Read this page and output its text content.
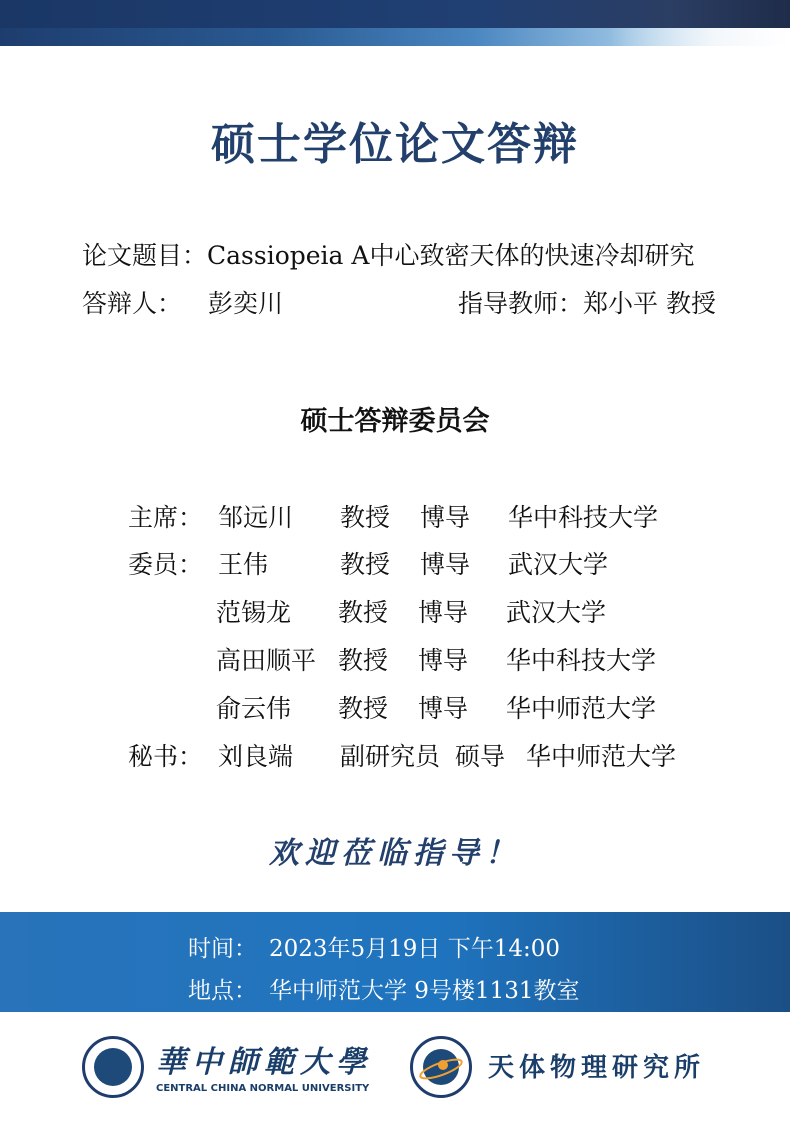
硕士学位论文答辩
论文题目：Cassiopeia A中心致密天体的快速冷却研究
答辩人： 彭奕川	指导教师：郑小平 教授
硕士答辩委员会
主席： 邹远川 教授 博导 华中科技大学
委员： 王伟	教授 博导 武汉大学
范锡龙 教授 博导 武汉大学
高田顺平 教授 博导 华中科技大学
俞云伟 教授 博导 华中师范大学
秘书： 刘良端 副研究员 硕导 华中师范大学
欢迎莅临指导！
时间： 2023年5月19日 下午14:00
地点： 华中师范大学 9号楼1131教室
華中師範大學
CENTRAL CHINA NORMAL UNIVERSITY
天体物理研究所
